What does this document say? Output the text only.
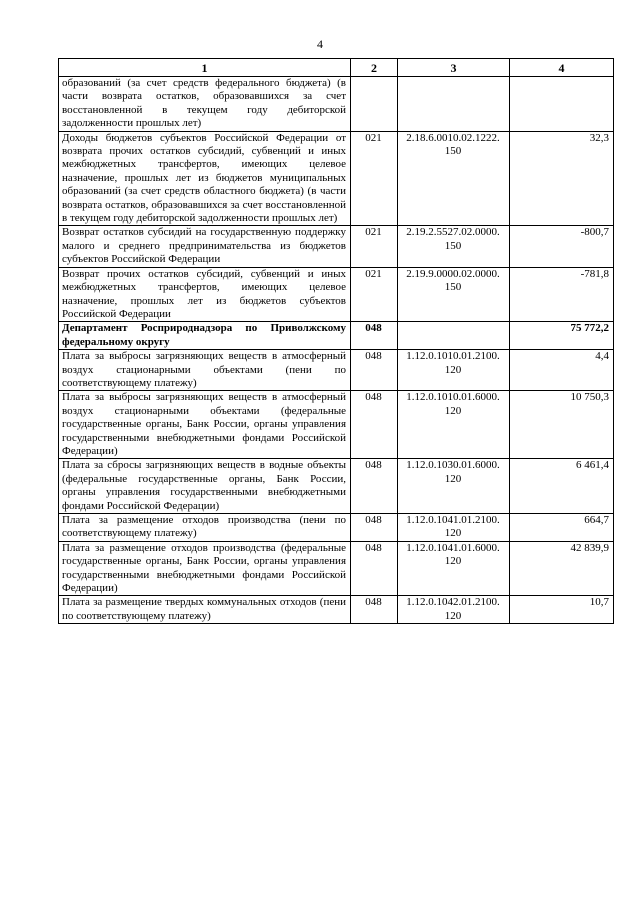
4
1	2	3	4
образований (за счет средств федерального бюджета) (в части возврата остатков, образовавшихся за счет восстановленной в текущем году дебиторской задолженности прошлых лет)			
Доходы бюджетов субъектов Российской Федерации от возврата прочих остатков субсидий, субвенций и иных межбюджетных трансфертов, имеющих целевое назначение, прошлых лет из бюджетов муниципальных образований (за счет средств областного бюджета) (в части возврата остатков, образовавшихся за счет восстановленной в текущем году дебиторской задолженности прошлых лет)	021	2.18.6.0010.02.1222. 150	32,3
Возврат остатков субсидий на государственную поддержку малого и среднего предпринимательства из бюджетов субъектов Российской Федерации	021	2.19.2.5527.02.0000. 150	-800,7
Возврат прочих остатков субсидий, субвенций и иных межбюджетных трансфертов, имеющих целевое назначение, прошлых лет из бюджетов субъектов Российской Федерации	021	2.19.9.0000.02.0000. 150	-781,8
Департамент Росприроднадзора по Приволжскому федеральному округу	048		75 772,2
Плата за выбросы загрязняющих веществ в атмосферный воздух стационарными объектами (пени по соответствующему платежу)	048	1.12.0.1010.01.2100. 120	4,4
Плата за выбросы загрязняющих веществ в атмосферный воздух стационарными объектами (федеральные государственные органы, Банк России, органы управления государственными внебюджетными фондами Российской Федерации)	048	1.12.0.1010.01.6000. 120	10 750,3
Плата за сбросы загрязняющих веществ в водные объекты (федеральные государственные органы, Банк России, органы управления государственными внебюджетными фондами Российской Федерации)	048	1.12.0.1030.01.6000. 120	6 461,4
Плата за размещение отходов производства (пени по соответствующему платежу)	048	1.12.0.1041.01.2100. 120	664,7
Плата за размещение отходов производства (федеральные государственные органы, Банк России, органы управления государственными внебюджетными фондами Российской Федерации)	048	1.12.0.1041.01.6000. 120	42 839,9
Плата за размещение твердых коммунальных отходов (пени по соответствующему платежу)	048	1.12.0.1042.01.2100. 120	10,7
